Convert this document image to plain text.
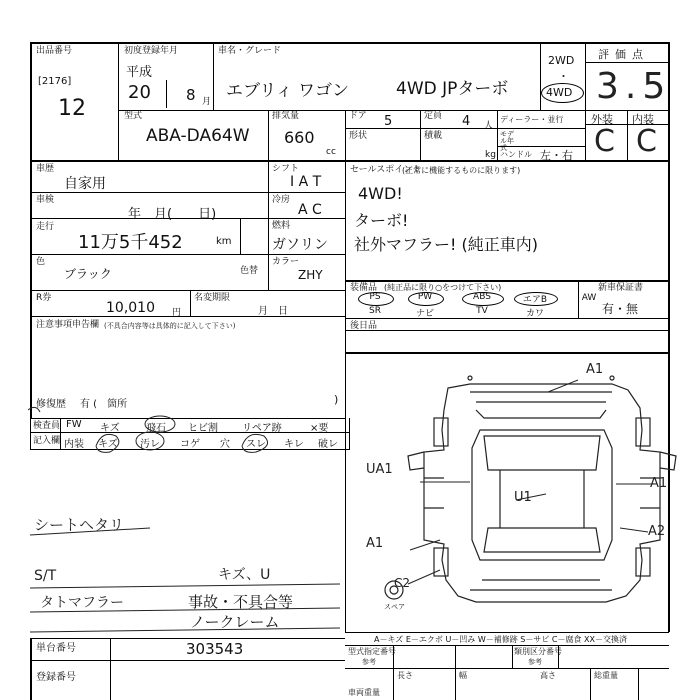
出品番号
[2176]
12
初度登録年月
平成
20 8 月
車名・グレード
エブリィ ワゴン	4WD JPターボ
2WD
・
4WD
評価点
3.5
型式
ABA-DA64W
排気量
660
cc
ドア 5
形状
定員 4 人
積載
kg
ディーラー・並行
モデル年式
ハンドル 左・右
外装 内装
C C
車歴
自家用
シフト
I A T
車検
年　月(　　日)
冷房
A C
走行
11万5千452	km
燃料
ガソリン
色
ブラック	色替
カラー
ZHY
R券
10,010 円
名変期限
月　日
注意事項申告欄 (不具合内容等は具体的に記入して下さい)
修復歴 有 (　箇所	)
セールスポイント
(正常に機能するものに限ります)
4WD!
ターボ!
社外マフラー! (純正車内)
装備品 (純正品に限り○をつけて下さい)
PS	PW	ABS	エアB	AW
SR	ナビ	TV	カワ
新車保証書
有・無
後日品
検査員
記入欄
FW キズ	飛石 ヒビ割 リペア跡	×要
内装 キズ 汚レ コゲ 穴 スレ キレ 破レ
シートヘタリ
S/T	キズ、U
タトマフラー	事故・不具合等
ノークレーム
A1
UA1
U1
A1
A2
A1
C2
スペア
A－キズ E－エクボ U－凹み W－補修跡 S－サビ C－腐食 XX－交換済
単台番号	303543
登録番号
型式指定番号
参考
類別区分番号
参考
長さ	幅	高さ
車両重量
総重量
